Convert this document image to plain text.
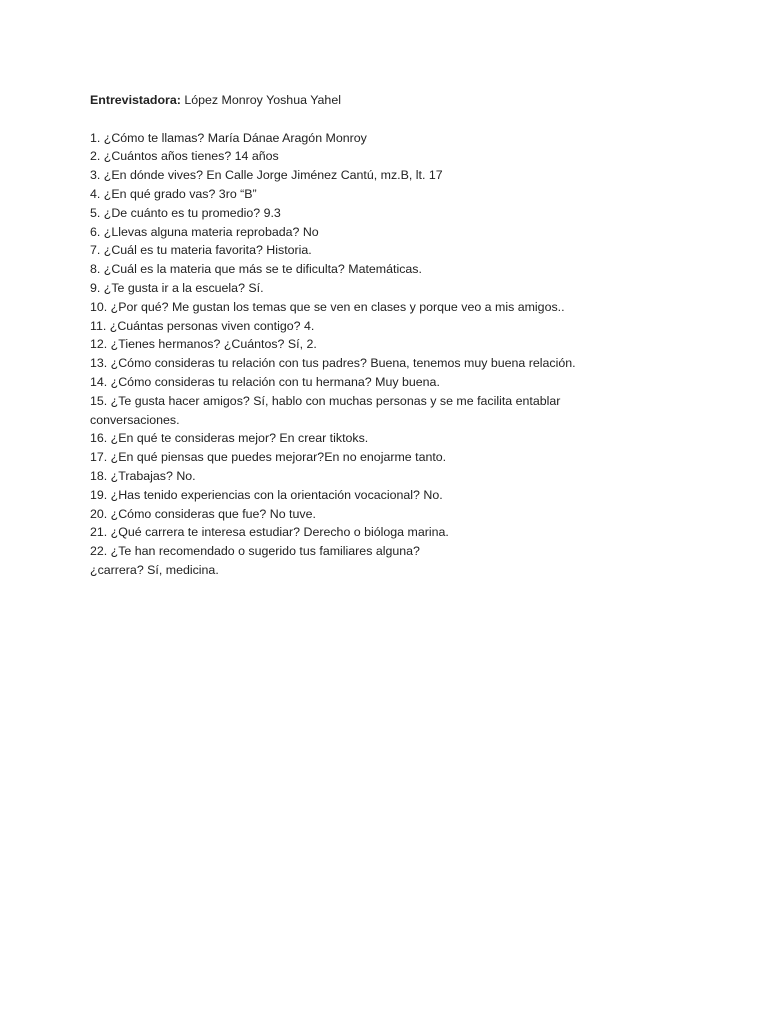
Entrevistadora: López Monroy Yoshua Yahel

1. ¿Cómo te llamas? María Dánae Aragón Monroy
2. ¿Cuántos años tienes? 14 años
3. ¿En dónde vives? En Calle Jorge Jiménez Cantú, mz.B, lt. 17
4. ¿En qué grado vas? 3ro “B”
5. ¿De cuánto es tu promedio? 9.3
6. ¿Llevas alguna materia reprobada? No
7. ¿Cuál es tu materia favorita? Historia.
8. ¿Cuál es la materia que más se te dificulta? Matemáticas.
9. ¿Te gusta ir a la escuela? Sí.
10. ¿Por qué? Me gustan los temas que se ven en clases y porque veo a mis amigos..
11. ¿Cuántas personas viven contigo? 4.
12. ¿Tienes hermanos? ¿Cuántos? Sí, 2.
13. ¿Cómo consideras tu relación con tus padres? Buena, tenemos muy buena relación.
14. ¿Cómo consideras tu relación con tu hermana? Muy buena.
15. ¿Te gusta hacer amigos? Sí, hablo con muchas personas y se me facilita entablar
conversaciones.
16. ¿En qué te consideras mejor? En crear tiktoks.
17. ¿En qué piensas que puedes mejorar?En no enojarme tanto.
18. ¿Trabajas? No.
19. ¿Has tenido experiencias con la orientación vocacional? No.
20. ¿Cómo consideras que fue? No tuve.
21. ¿Qué carrera te interesa estudiar? Derecho o bióloga marina.
22. ¿Te han recomendado o sugerido tus familiares alguna?
¿carrera? Sí, medicina.
